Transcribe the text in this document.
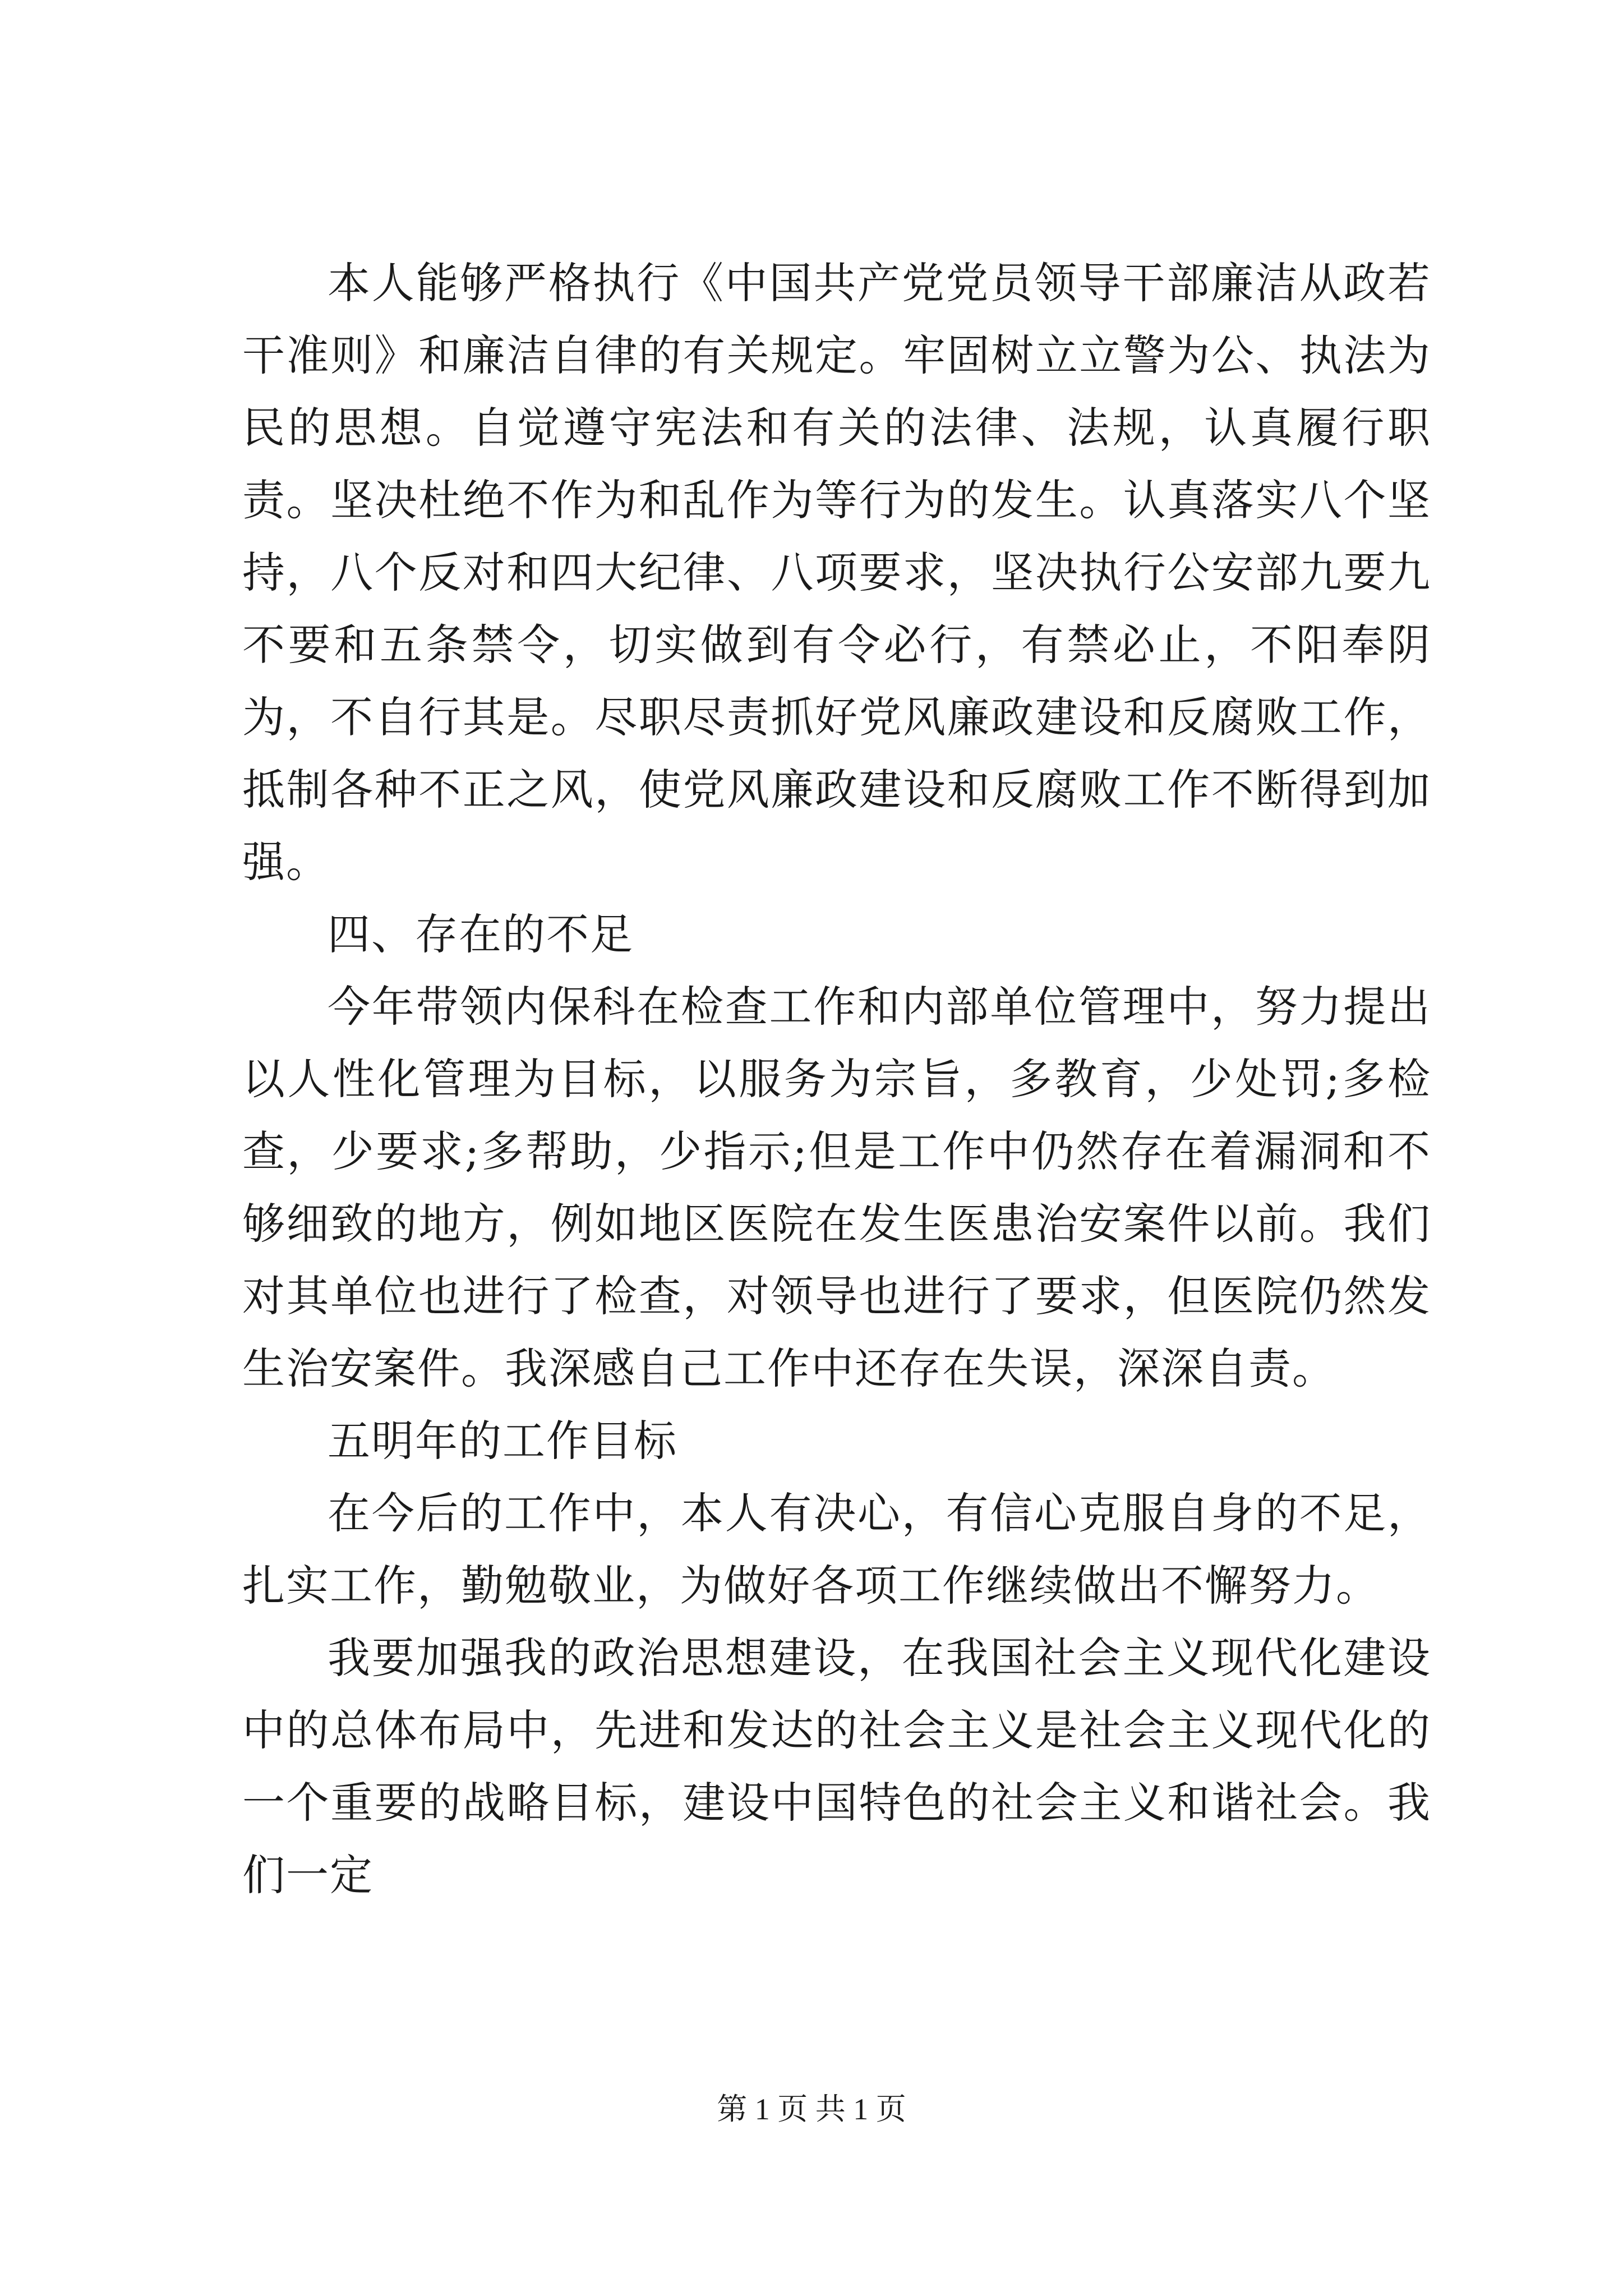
本人能够严格执行《中国共产党党员领导干部廉洁从政若干准则》和廉洁自律的有关规定。牢固树立立警为公、执法为民的思想。自觉遵守宪法和有关的法律、法规，认真履行职责。坚决杜绝不作为和乱作为等行为的发生。认真落实八个坚持，八个反对和四大纪律、八项要求，坚决执行公安部九要九不要和五条禁令，切实做到有令必行，有禁必止，不阳奉阴为，不自行其是。尽职尽责抓好党风廉政建设和反腐败工作，抵制各种不正之风，使党风廉政建设和反腐败工作不断得到加强。

四、存在的不足

今年带领内保科在检查工作和内部单位管理中，努力提出以人性化管理为目标，以服务为宗旨，多教育，少处罚;多检查，少要求;多帮助，少指示;但是工作中仍然存在着漏洞和不够细致的地方，例如地区医院在发生医患治安案件以前。我们对其单位也进行了检查，对领导也进行了要求，但医院仍然发生治安案件。我深感自己工作中还存在失误，深深自责。

五明年的工作目标

在今后的工作中，本人有决心，有信心克服自身的不足，扎实工作，勤勉敬业，为做好各项工作继续做出不懈努力。

我要加强我的政治思想建设，在我国社会主义现代化建设中的总体布局中，先进和发达的社会主义是社会主义现代化的一个重要的战略目标，建设中国特色的社会主义和谐社会。我们一定

第 1 页 共 1 页
